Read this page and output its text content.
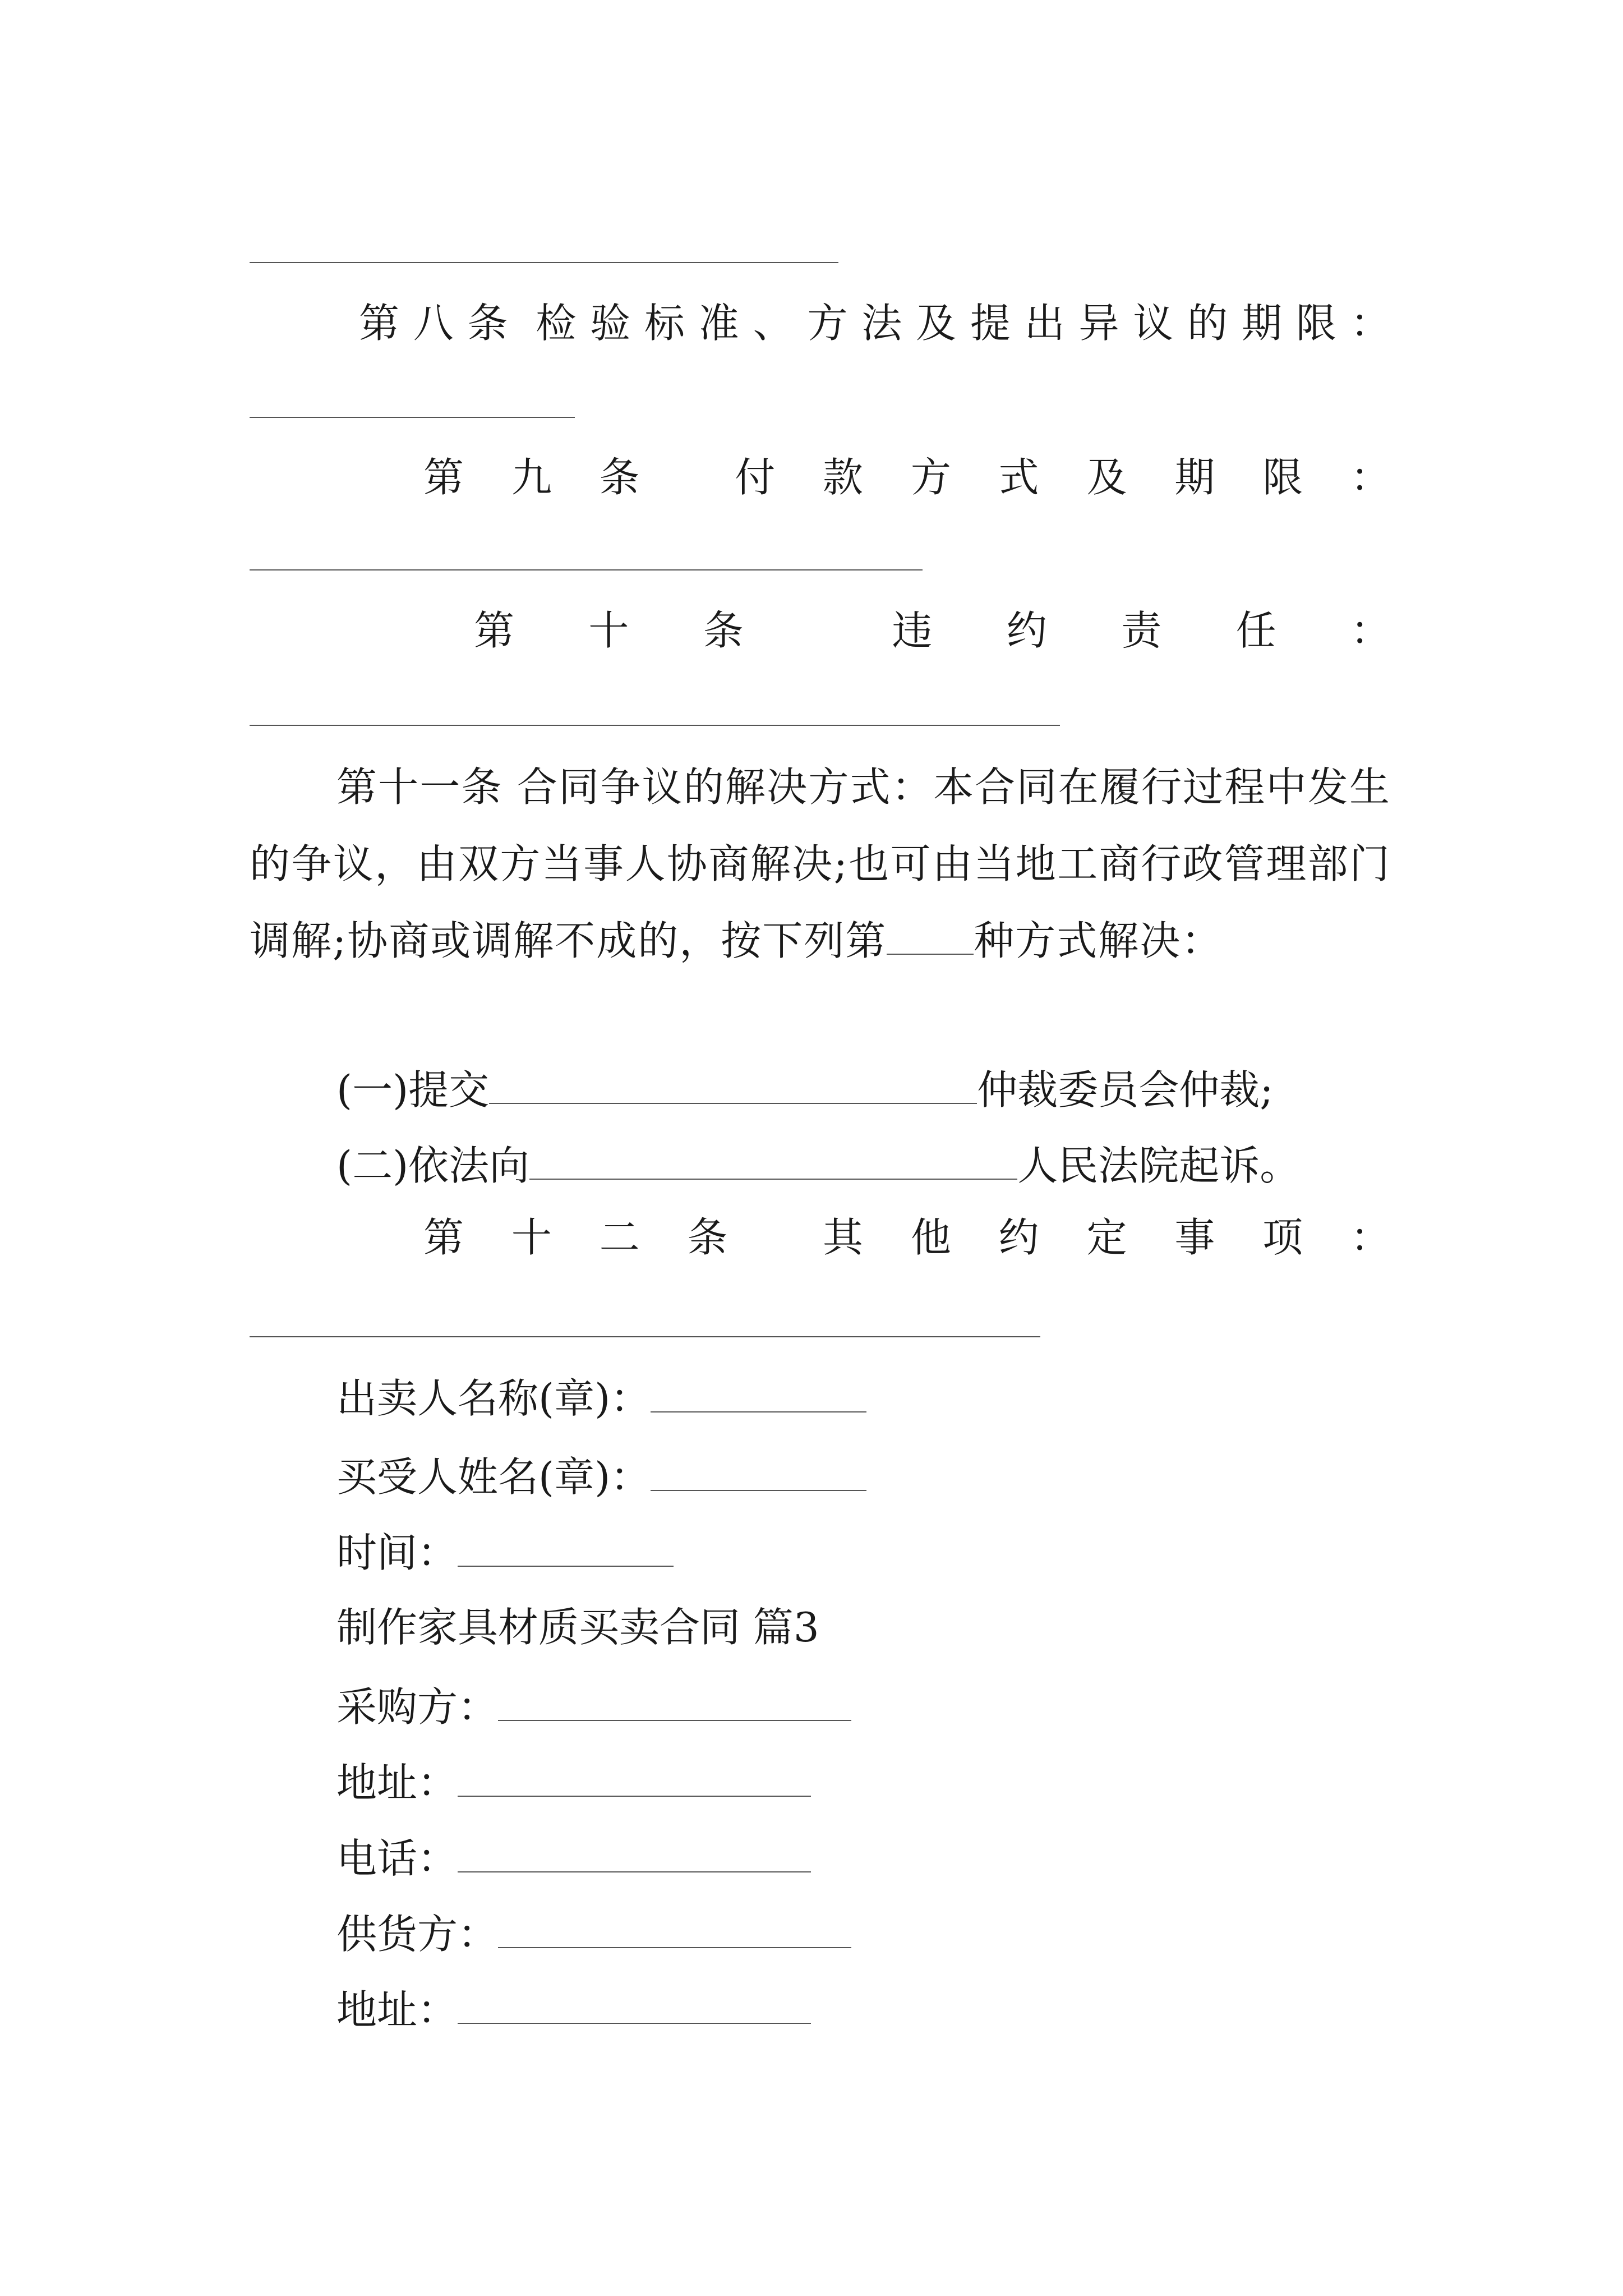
第 八 条 检 验 标 准 、 方 法 及 提 出 异 议 的 期 限 ：
第 九 条 付 款 方 式 及 期 限 ：
第 十 条	违 约 责 任 ：
第十一条 合同争议的解决方式：本合同在履行过程中发生的争议，由双方当事人协商解决;也可由当地工商行政管理部门调解;协商或调解不成的，按下列第 种方式解决：
(一)提交	仲裁委员会仲裁;
(二)依法向	人民法院起诉。
第 十 二 条 其 他 约 定 事 项 ：
出卖人名称(章)：
买受人姓名(章)：
时间：
制作家具材质买卖合同 篇3
采购方：
地址：
电话：
供货方：
地址：
